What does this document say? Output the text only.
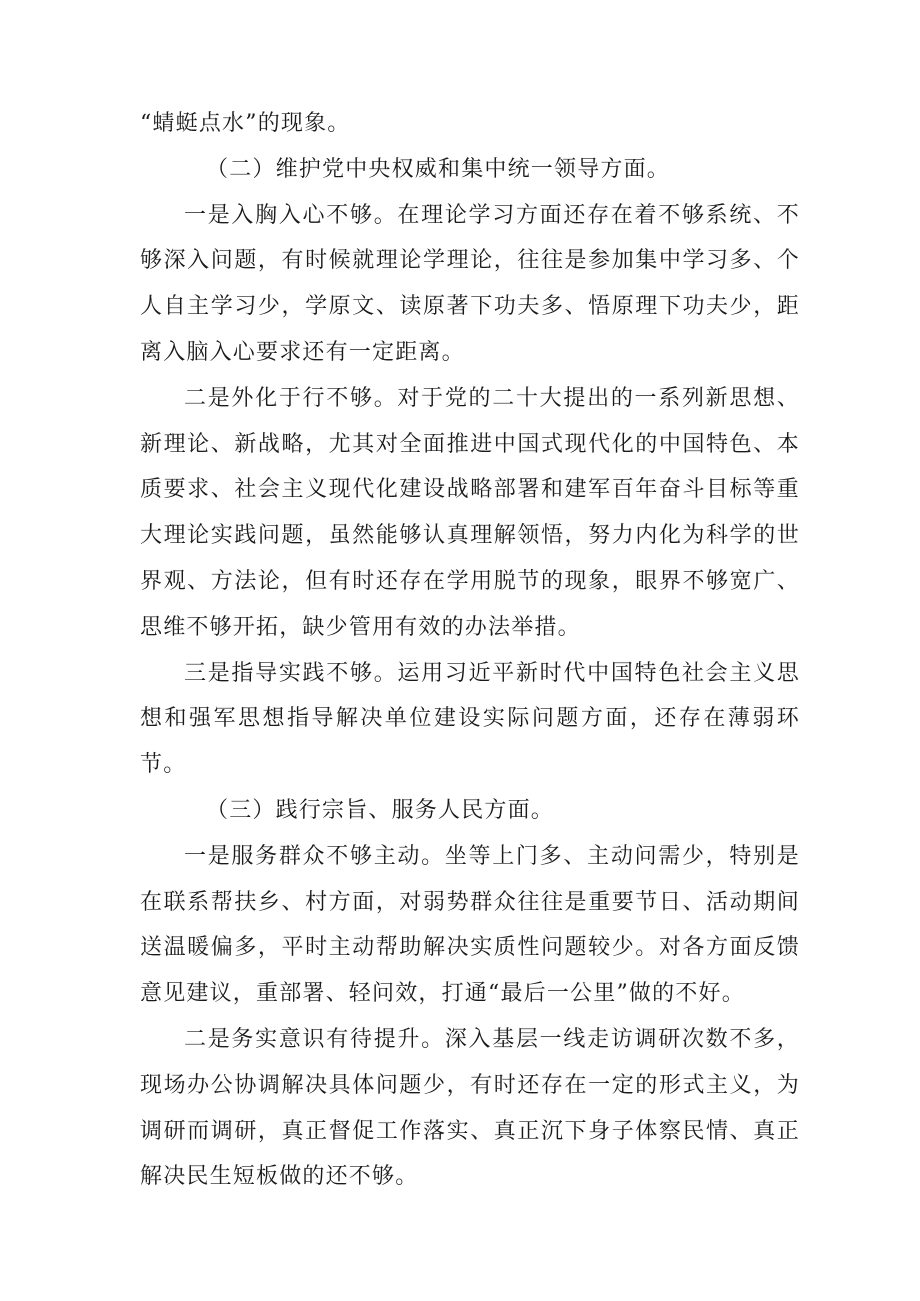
“蜻蜓点水”的现象。

（二）维护党中央权威和集中统一领导方面。

一是入胸入心不够。在理论学习方面还存在着不够系统、不够深入问题，有时候就理论学理论，往往是参加集中学习多、个人自主学习少，学原文、读原著下功夫多、悟原理下功夫少，距离入脑入心要求还有一定距离。

二是外化于行不够。对于党的二十大提出的一系列新思想、新理论、新战略，尤其对全面推进中国式现代化的中国特色、本质要求、社会主义现代化建设战略部署和建军百年奋斗目标等重大理论实践问题，虽然能够认真理解领悟，努力内化为科学的世界观、方法论，但有时还存在学用脱节的现象，眼界不够宽广、思维不够开拓，缺少管用有效的办法举措。

三是指导实践不够。运用习近平新时代中国特色社会主义思想和强军思想指导解决单位建设实际问题方面，还存在薄弱环节。

（三）践行宗旨、服务人民方面。

一是服务群众不够主动。坐等上门多、主动问需少，特别是在联系帮扶乡、村方面，对弱势群众往往是重要节日、活动期间送温暖偏多，平时主动帮助解决实质性问题较少。对各方面反馈意见建议，重部署、轻问效，打通“最后一公里”做的不好。

二是务实意识有待提升。深入基层一线走访调研次数不多，现场办公协调解决具体问题少，有时还存在一定的形式主义，为调研而调研，真正督促工作落实、真正沉下身子体察民情、真正解决民生短板做的还不够。
